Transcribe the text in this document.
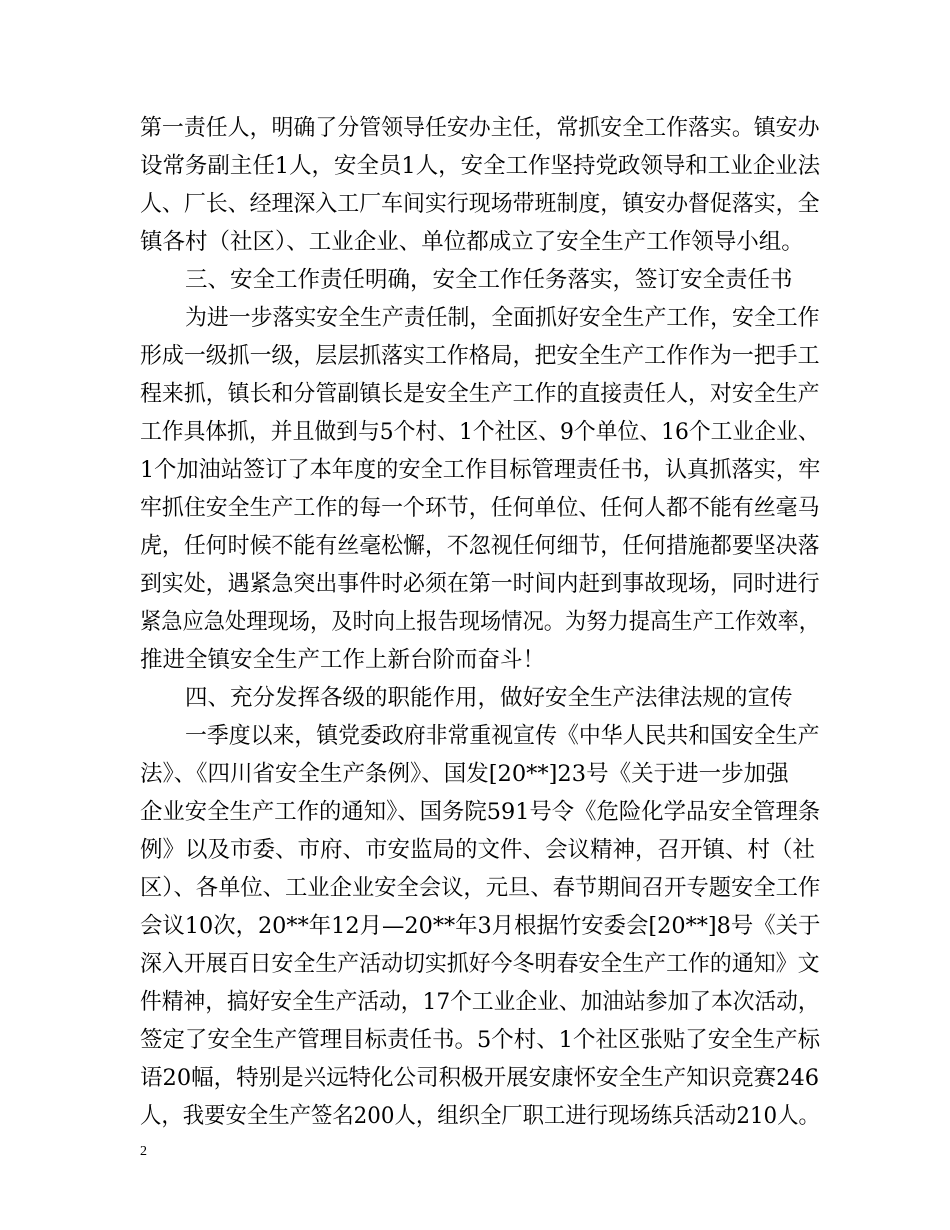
第一责任人，明确了分管领导任安办主任，常抓安全工作落实。镇安办
设常务副主任1人，安全员1人，安全工作坚持党政领导和工业企业法
人、厂长、经理深入工厂车间实行现场带班制度，镇安办督促落实，全
镇各村（社区）、工业企业、单位都成立了安全生产工作领导小组。
三、安全工作责任明确，安全工作任务落实，签订安全责任书
为进一步落实安全生产责任制，全面抓好安全生产工作，安全工作
形成一级抓一级，层层抓落实工作格局，把安全生产工作作为一把手工
程来抓，镇长和分管副镇长是安全生产工作的直接责任人，对安全生产
工作具体抓，并且做到与5个村、1个社区、9个单位、16个工业企业、
1个加油站签订了本年度的安全工作目标管理责任书，认真抓落实，牢
牢抓住安全生产工作的每一个环节，任何单位、任何人都不能有丝毫马
虎，任何时候不能有丝毫松懈，不忽视任何细节，任何措施都要坚决落
到实处，遇紧急突出事件时必须在第一时间内赶到事故现场，同时进行
紧急应急处理现场，及时向上报告现场情况。为努力提高生产工作效率，
推进全镇安全生产工作上新台阶而奋斗！
四、充分发挥各级的职能作用，做好安全生产法律法规的宣传
一季度以来，镇党委政府非常重视宣传《中华人民共和国安全生产
法》、《四川省安全生产条例》、国发[20**]23号《关于进一步加强
企业安全生产工作的通知》、国务院591号令《危险化学品安全管理条
例》以及市委、市府、市安监局的文件、会议精神，召开镇、村（社
区）、各单位、工业企业安全会议，元旦、春节期间召开专题安全工作
会议10次，20**年12月—20**年3月根据竹安委会[20**]8号《关于
深入开展百日安全生产活动切实抓好今冬明春安全生产工作的通知》文
件精神，搞好安全生产活动，17个工业企业、加油站参加了本次活动，
签定了安全生产管理目标责任书。5个村、1个社区张贴了安全生产标
语20幅，特别是兴远特化公司积极开展安康怀安全生产知识竞赛246
人，我要安全生产签名200人，组织全厂职工进行现场练兵活动210人。
2
